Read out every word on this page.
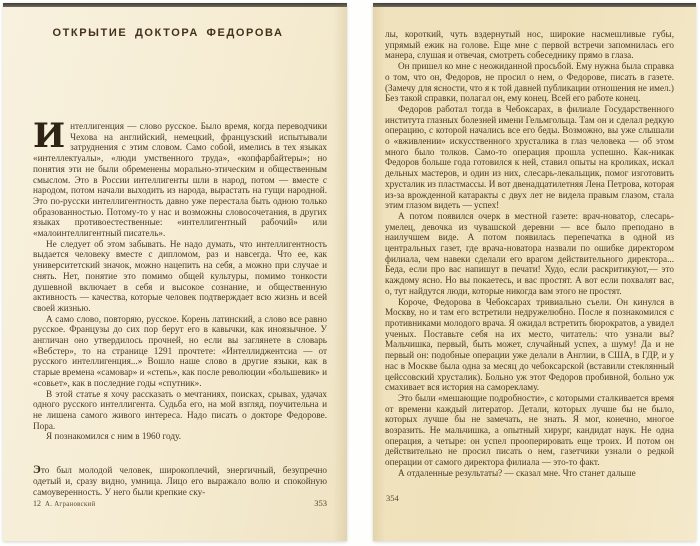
ОТКРЫТИЕ ДОКТОРА ФЕДОРОВА

Интеллигенция — слово русское. Было время, когда переводчики Чехова на английский, немецкий, французский испытывали затруднения с этим словом. Само собой, имелись в тех языках «интеллектуалы», «люди умственного труда», «копфарбайтеры»; но понятия эти не были обременены морально-этическим и общественным смыслом. Это в России интеллигенты шли в народ, потом — вместе с народом, потом начали выходить из народа, вырастать на гущи народной. Это по-русски интеллигентность давно уже перестала быть одною только образованностью. Потому-то у нас и возможны словосочетания, в других языках противоестественные: «интеллигентный рабочий» или «малоинтеллигентный писатель».

Не следует об этом забывать. Не надо думать, что интеллигентность выдается человеку вместе с дипломом, раз и навсегда. Что ее, как университетский значок, можно нацепить на себя, а можно при случае и снять. Нет, понятие это помимо общей культуры, помимо тонкости душевной включает в себя и высокое сознание, и общественную активность — качества, которые человек подтверждает всю жизнь и всей своей жизнью.

А само слово, повторяю, русское. Корень латинский, а слово все равно русское. Французы до сих пор берут его в кавычки, как иноязычное. У англичан оно утвердилось прочней, но если вы заглянете в словарь «Вебстер», то на странице 1291 прочтете: «Интеллиджентсиа — от русского интеллигенция...» Вошло наше слово в другие языки, как в старые времена «самовар» и «степь», как после революции «большевик» и «совьет», как в последние годы «спутник».

В этой статье я хочу рассказать о мечтаниях, поисках, срывах, удачах одного русского интеллигента. Судьба его, на мой взгляд, поучительна и не лишена самого живого интереса. Надо писать о докторе Федорове. Пора.

Я познакомился с ним в 1960 году.

Это был молодой человек, широкоплечий, энергичный, безупречно одетый и, сразу видно, умница. Лицо его выражало волю и спокойную самоуверенность. У него были крепкие ску-

12 А. Аграновский	353

лы, короткий, чуть вздернутый нос, широкие насмешливые губы, упрямый ежик на голове. Еще мне с первой встречи запомнилась его манера, слушая и отвечая, смотреть собеседнику прямо в глаза.

Он пришел ко мне с неожиданной просьбой. Ему нужна была справка о том, что он, Федоров, не просил о нем, о Федорове, писать в газете. (Замечу для ясности, что я к той давней публикации отношения не имел.) Без такой справки, полагал он, ему конец. Всей его работе конец.

Федоров работал тогда в Чебоксарах, в филиале Государственного института глазных болезней имени Гельмгольца. Там он и сделал редкую операцию, с которой начались все его беды. Возможно, вы уже слышали о «вживлении» искусственного хрусталика в глаз человека — об этом много было толков. Само-то операция прошла успешно. Как-никак Федоров больше года готовился к ней, ставил опыты на кроликах, искал дельных мастеров, и один из них, слесарь-лекальщик, помог изготовить хрусталик из пластмассы. И вот двенадцатилетняя Лена Петрова, которая из-за врожденной катаракты с двух лет не видела правым глазом, стала этим глазом видеть — успех!

А потом появился очерк в местной газете: врач-новатор, слесарь-умелец, девочка из чувашской деревни — все было преподано в наилучшем виде. А потом появилась перепечатка в одной из центральных газет, где врача-новатора назвали по ошибке директором филиала, чем навеки сделали его врагом действительного директора... Беда, если про вас напишут в печати! Худо, если раскритикуют,— это каждому ясно. Но вы покаетесь, и вас простят. А вот если похвалят вас, о, тут найдутся люди, которые никогда вам этого не простят.

Короче, Федорова в Чебоксарах тривиально съели. Он кинулся в Москву, но и там его встретили недружелюбно. После я познакомился с противниками молодого врача. Я ожидал встретить бюрократов, а увидел ученых. Поставьте себя на их место, читатель: что узнали вы? Мальчишка, первый, быть может, случайный успех, а шуму! Да и не первый он: подобные операции уже делали в Англии, в США, в ГДР, и у нас в Москве была одна за месяц до чебоксарской (вставили стеклянный цейссовский хрусталик). Больно уж этот Федоров пробивной, больно уж смахивает вся история на саморекламу.

Это были «мешающие подробности», с которыми сталкивается время от времени каждый литератор. Детали, которых лучше бы не было, которых лучше бы не замечать, не знать. Я мог, конечно, многое возразить. Не мальчишка, а опытный хирург, кандидат наук. Не одна операция, а четыре: он успел прооперировать еще троих. И потом он действительно не просил писать о нем, газетчики узнали о редкой операции от самого директора филиала — это-то факт.

А отдаленные результаты? — сказал мне. Что станет дальше

354
